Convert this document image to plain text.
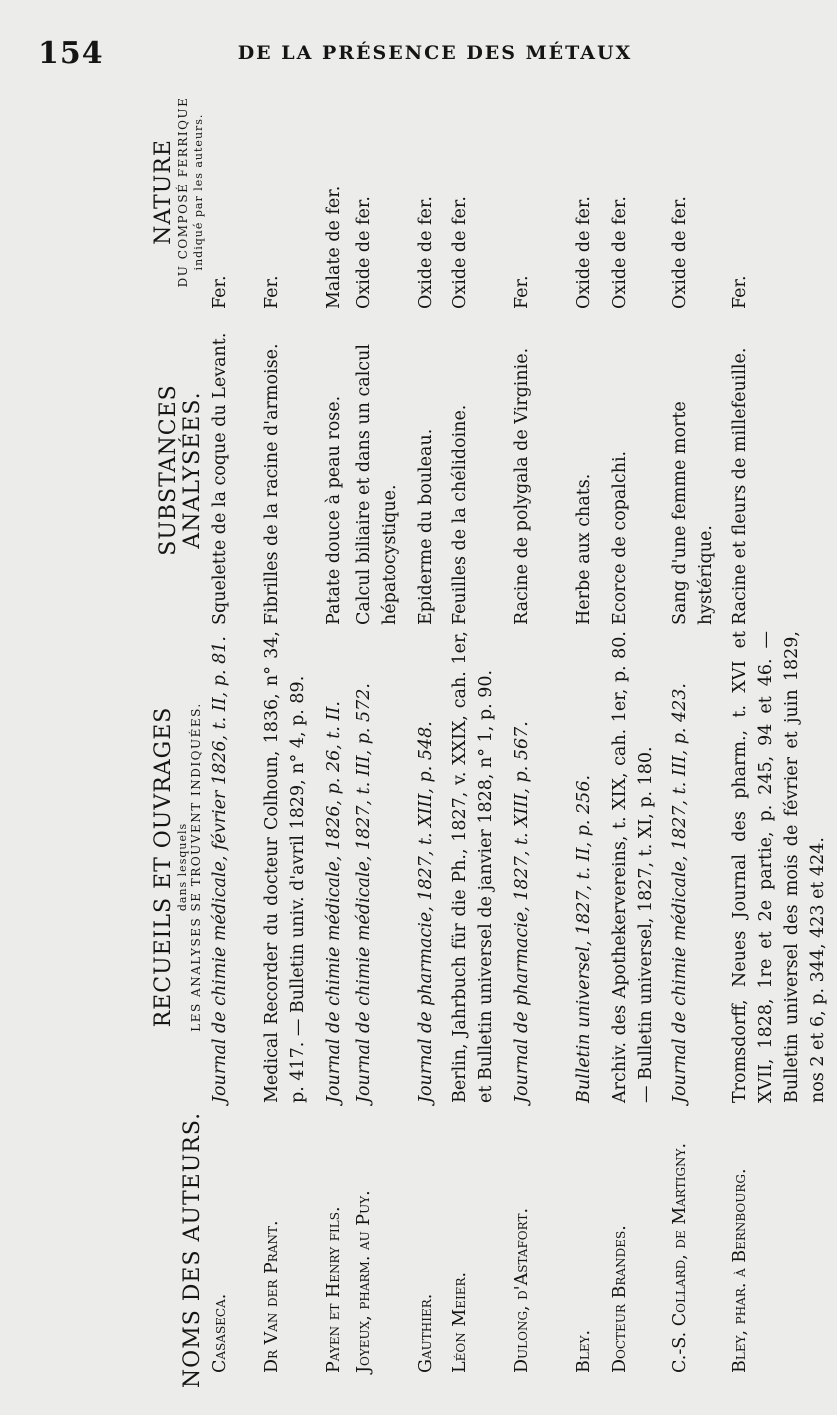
154	DE LA PRÉSENCE DES MÉTAUX
NOMS DES AUTEURS.
RECUEILS ET OUVRAGES dans lesquels LES ANALYSES SE TROUVENT INDIQUÉES.
SUBSTANCES ANALYSÉES.
NATURE DU COMPOSÉ FERRIQUE indiqué par les auteurs.
Casaseca.
Journal de chimie médicale, février 1826, t. II, p. 81.
Squelette de la coque du Levant.
Fer.
Dr Van der Prant.
Medical Recorder du docteur Colhoun, 1836, n° 34, p. 417. — Bulletin univ. d'avril 1829, n° 4, p. 89.
Fibrilles de la racine d'armoise.
Fer.
Payen et Henry fils.
Journal de chimie médicale, 1826, p. 26, t. II.
Patate douce à peau rose.
Malate de fer.
Joyeux, pharm. au Puy.
Journal de chimie médicale, 1827, t. III, p. 572.
Calcul biliaire et dans un calcul hépatocystique.
Oxide de fer.
Gauthier.
Journal de pharmacie, 1827, t. XIII, p. 548.
Epiderme du bouleau.
Oxide de fer.
Léon Meier.
Berlin, Jahrbuch für die Ph., 1827, v. XXIX, cah. 1er, et Bulletin universel de janvier 1828, n° 1, p. 90.
Feuilles de la chélidoine.
Oxide de fer.
Dulong, d'Astafort.
Journal de pharmacie, 1827, t. XIII, p. 567.
Racine de polygala de Virginie.
Fer.
Bley.
Bulletin universel, 1827, t. II, p. 256.
Herbe aux chats.
Oxide de fer.
Docteur Brandes.
Archiv. des Apothekervereins, t. XIX, cah. 1er, p. 80. — Bulletin universel, 1827, t. XI, p. 180.
Ecorce de copalchi.
Oxide de fer.
C.-S. Collard, de Martigny.
Journal de chimie médicale, 1827, t. III, p. 423.
Sang d'une femme morte hystérique.
Oxide de fer.
Bley, phar. à Bernbourg.
Tromsdorff, Neues Journal des pharm., t. XVI et XVII, 1828, 1re et 2e partie, p. 245, 94 et 46. — Bulletin universel des mois de février et juin 1829, nos 2 et 6, p. 344, 423 et 424.
Racine et fleurs de millefeuille.
Fer.
